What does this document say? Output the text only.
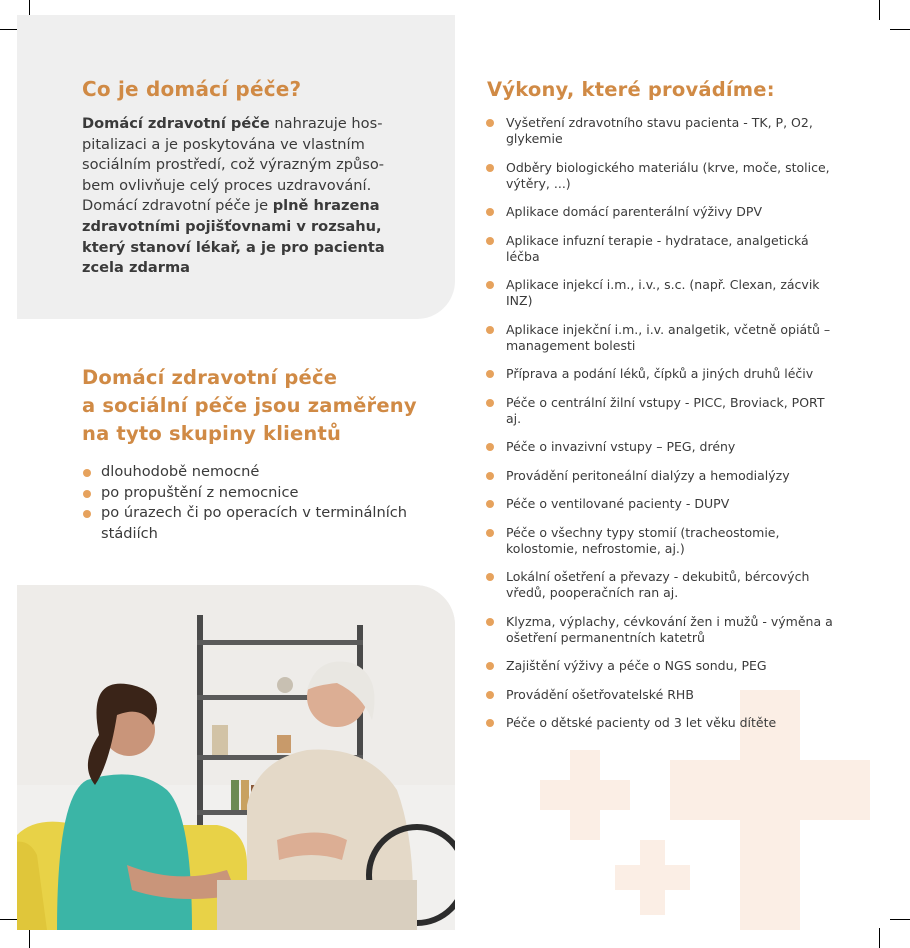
Co je domácí péče?
Domácí zdravotní péče nahrazuje hospitalizaci a je poskytována ve vlastním sociálním prostředí, což výrazným způsobem ovlivňuje celý proces uzdravování. Domácí zdravotní péče je plně hrazena zdravotními pojišťovnami v rozsahu, který stanoví lékař, a je pro pacienta zcela zdarma
Domácí zdravotní péče
a sociální péče jsou zaměřeny
na tyto skupiny klientů
dlouhodobě nemocné
po propuštění z nemocnice
po úrazech či po operacích v terminálních stádiích
Výkony, které provádíme:
Vyšetření zdravotního stavu pacienta - TK, P, O2, glykemie
Odběry biologického materiálu (krve, moče, stolice, výtěry, ...)
Aplikace domácí parenterální výživy DPV
Aplikace infuzní terapie - hydratace, analgetická léčba
Aplikace injekcí i.m., i.v., s.c. (např. Clexan, zácvik INZ)
Aplikace injekční i.m., i.v. analgetik, včetně opiátů – management bolesti
Příprava a podání léků, čípků a jiných druhů léčiv
Péče o centrální žilní vstupy - PICC, Broviack, PORT aj.
Péče o invazivní vstupy – PEG, drény
Provádění peritoneální dialýzy a hemodialýzy
Péče o ventilované pacienty - DUPV
Péče o všechny typy stomií (tracheostomie, kolostomie, nefrostomie, aj.)
Lokální ošetření a převazy - dekubitů, bércových vředů, pooperačních ran aj.
Klyzma, výplachy, cévkování žen i mužů - výměna a ošetření permanentních katetrů
Zajištění výživy a péče o NGS sondu, PEG
Provádění ošetřovatelské RHB
Péče o dětské pacienty od 3 let věku dítěte
